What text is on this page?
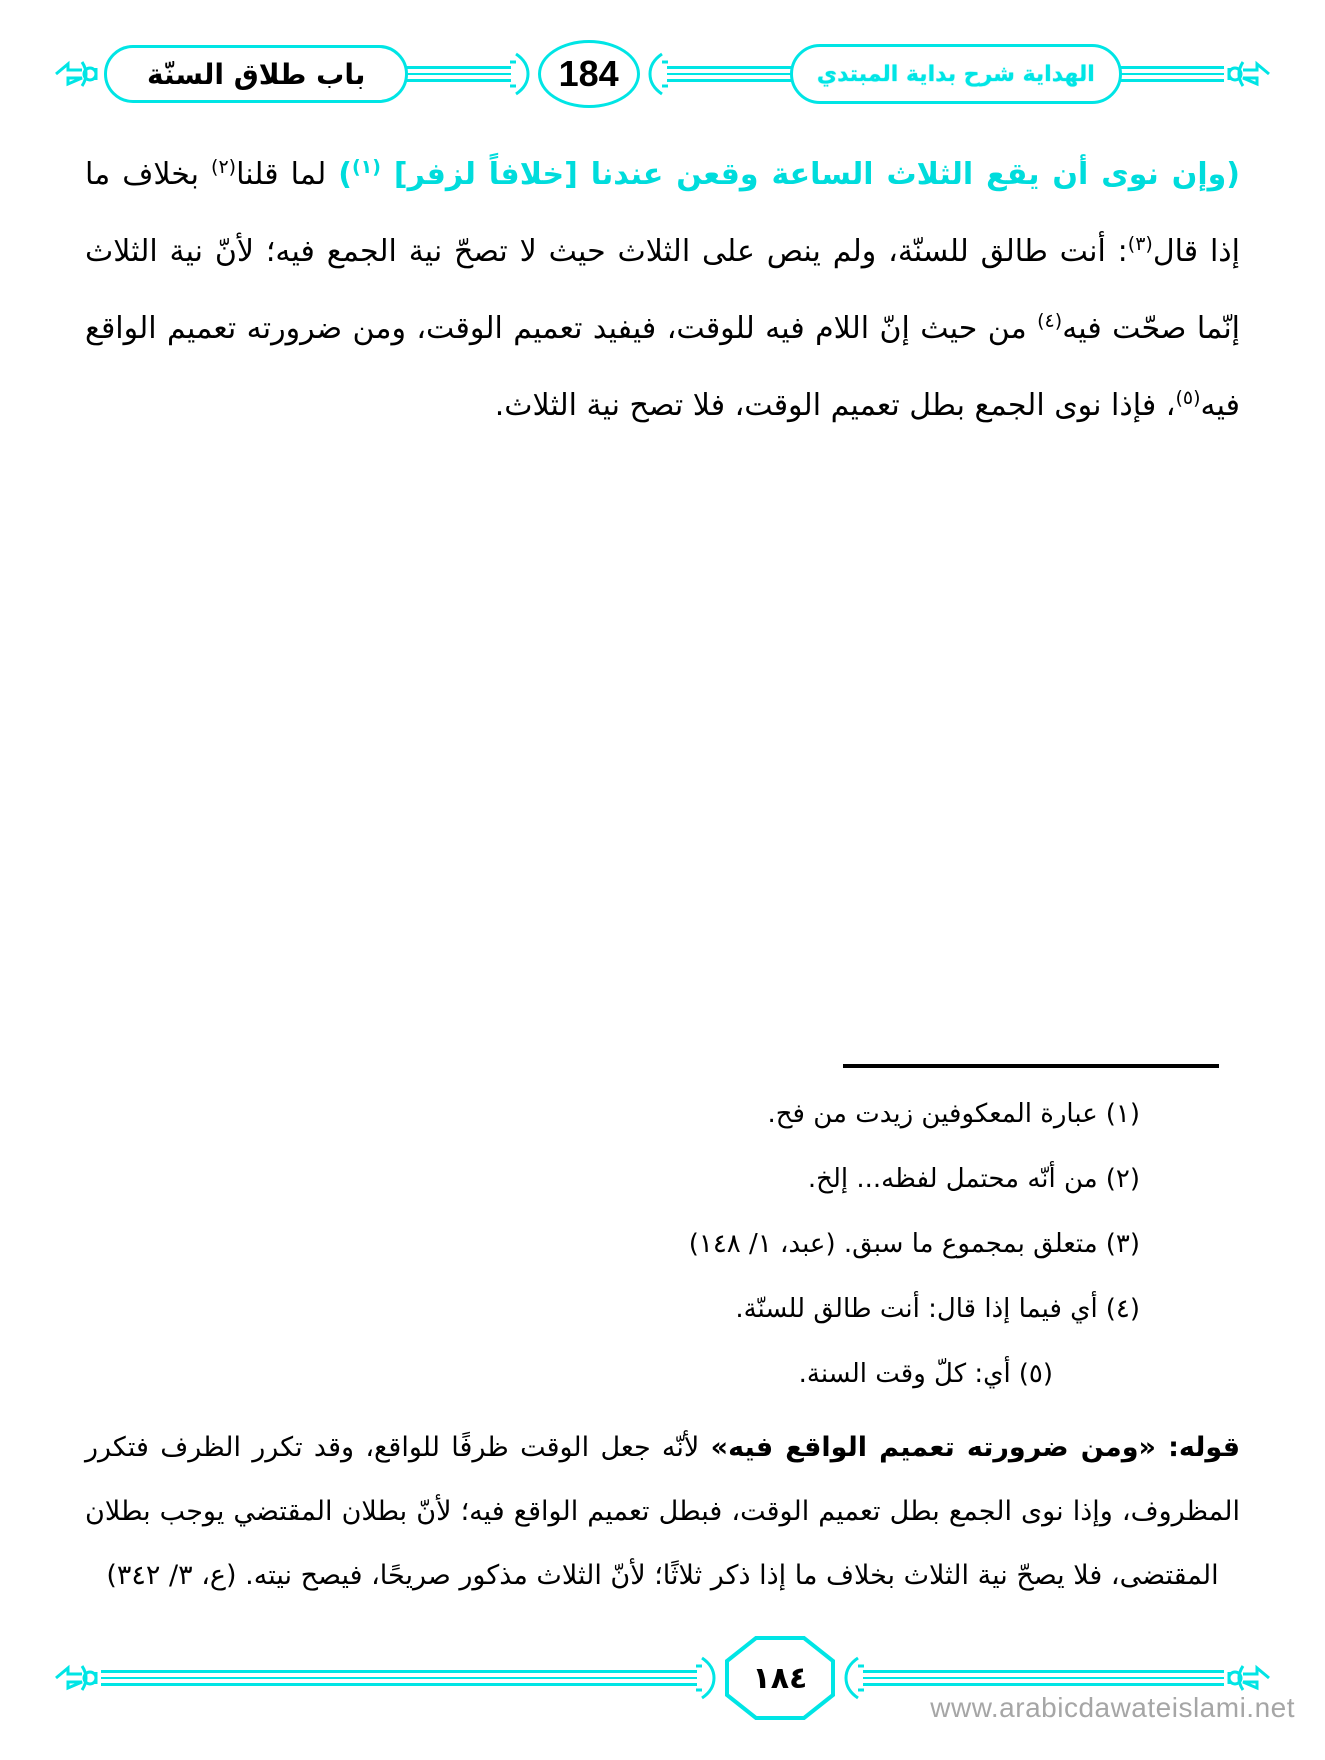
باب طلاق السنّة	184	الهداية شرح بداية المبتدي
(وإن نوى أن يقع الثلاث الساعة وقعن عندنا [خلافاً لزفر] $^{(١)}$) لما قلنا$^{(٢)}$ بخلاف ما إذا قال$^{(٣)}$: أنت طالق للسنّة، ولم ينص على الثلاث حيث لا تصحّ نية الجمع فيه؛ لأنّ نية الثلاث إنّما صحّت فيه$^{(٤)}$ من حيث إنّ اللام فيه للوقت، فيفيد تعميم الوقت، ومن ضرورته تعميم الواقع فيه$^{(٥)}$، فإذا نوى الجمع بطل تعميم الوقت، فلا تصح نية الثلاث.
(١)عبارة المعكوفين زيدت من فح.
(٢)من أنّه محتمل لفظه... إلخ.
(٣)متعلق بمجموع ما سبق. (عبد، ١/ ١٤٨)
(٤)أي فيما إذا قال: أنت طالق للسنّة.
(٥)أي: كلّ وقت السنة.
قوله: «ومن ضرورته تعميم الواقع فيه» لأنّه جعل الوقت ظرفًا للواقع، وقد تكرر الظرف فتكرر المظروف، وإذا نوى الجمع بطل تعميم الوقت، فبطل تعميم الواقع فيه؛ لأنّ بطلان المقتضي يوجب بطلان المقتضى، فلا يصحّ نية الثلاث بخلاف ما إذا ذكر ثلاثًا؛ لأنّ الثلاث مذكور صريحًا، فيصح نيته. (ع، ٣/ ٣٤٢)
١٨٤
www.arabicdawateislami.net
